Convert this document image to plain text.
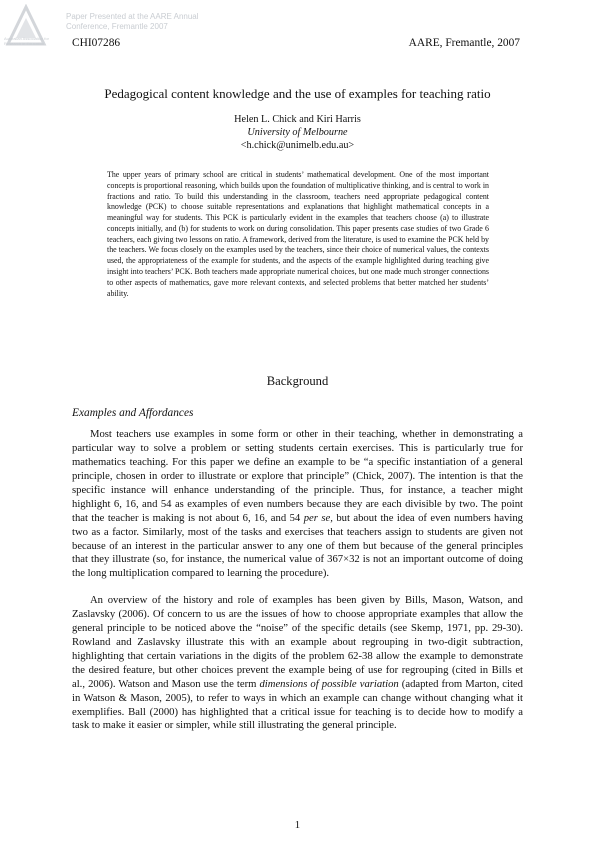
Australian Association for Research in Education
Paper Presented at the AARE Annual
Conference, Fremantle 2007
CHI07286	AARE, Fremantle, 2007
Pedagogical content knowledge and the use of examples for teaching ratio
Helen L. Chick and Kiri Harris
University of Melbourne
<h.chick@unimelb.edu.au>

The upper years of primary school are critical in students’ mathematical development. One of the most important concepts is proportional reasoning, which builds upon the foundation of multiplicative thinking, and is central to work in fractions and ratio. To build this understanding in the classroom, teachers need appropriate pedagogical content knowledge (PCK) to choose suitable representations and explanations that highlight mathematical concepts in a meaningful way for students. This PCK is particularly evident in the examples that teachers choose (a) to illustrate concepts initially, and (b) for students to work on during consolidation. This paper presents case studies of two Grade 6 teachers, each giving two lessons on ratio. A framework, derived from the literature, is used to examine the PCK held by the teachers. We focus closely on the examples used by the teachers, since their choice of numerical values, the contexts used, the appropriateness of the example for students, and the aspects of the example highlighted during teaching give insight into teachers’ PCK. Both teachers made appropriate numerical choices, but one made much stronger connections to other aspects of mathematics, gave more relevant contexts, and selected problems that better matched her students’ ability.

Background
Examples and Affordances

Most teachers use examples in some form or other in their teaching, whether in demonstrating a particular way to solve a problem or setting students certain exercises. This is particularly true for mathematics teaching. For this paper we define an example to be “a specific instantiation of a general principle, chosen in order to illustrate or explore that principle” (Chick, 2007). The intention is that the specific instance will enhance understanding of the principle. Thus, for instance, a teacher might highlight 6, 16, and 54 as examples of even numbers because they are each divisible by two. The point that the teacher is making is not about 6, 16, and 54 per se, but about the idea of even numbers having two as a factor. Similarly, most of the tasks and exercises that teachers assign to students are given not because of an interest in the particular answer to any one of them but because of the general principles that they illustrate (so, for instance, the numerical value of 367×32 is not an important outcome of doing the long multiplication compared to learning the procedure).

An overview of the history and role of examples has been given by Bills, Mason, Watson, and Zaslavsky (2006). Of concern to us are the issues of how to choose appropriate examples that allow the general principle to be noticed above the “noise” of the specific details (see Skemp, 1971, pp. 29-30). Rowland and Zaslavsky illustrate this with an example about regrouping in two-digit subtraction, highlighting that certain variations in the digits of the problem 62-38 allow the example to demonstrate the desired feature, but other choices prevent the example being of use for regrouping (cited in Bills et al., 2006). Watson and Mason use the term dimensions of possible variation (adapted from Marton, cited in Watson & Mason, 2005), to refer to ways in which an example can change without changing what it exemplifies. Ball (2000) has highlighted that a critical issue for teaching is to decide how to modify a task to make it easier or simpler, while still illustrating the general principle.

1
